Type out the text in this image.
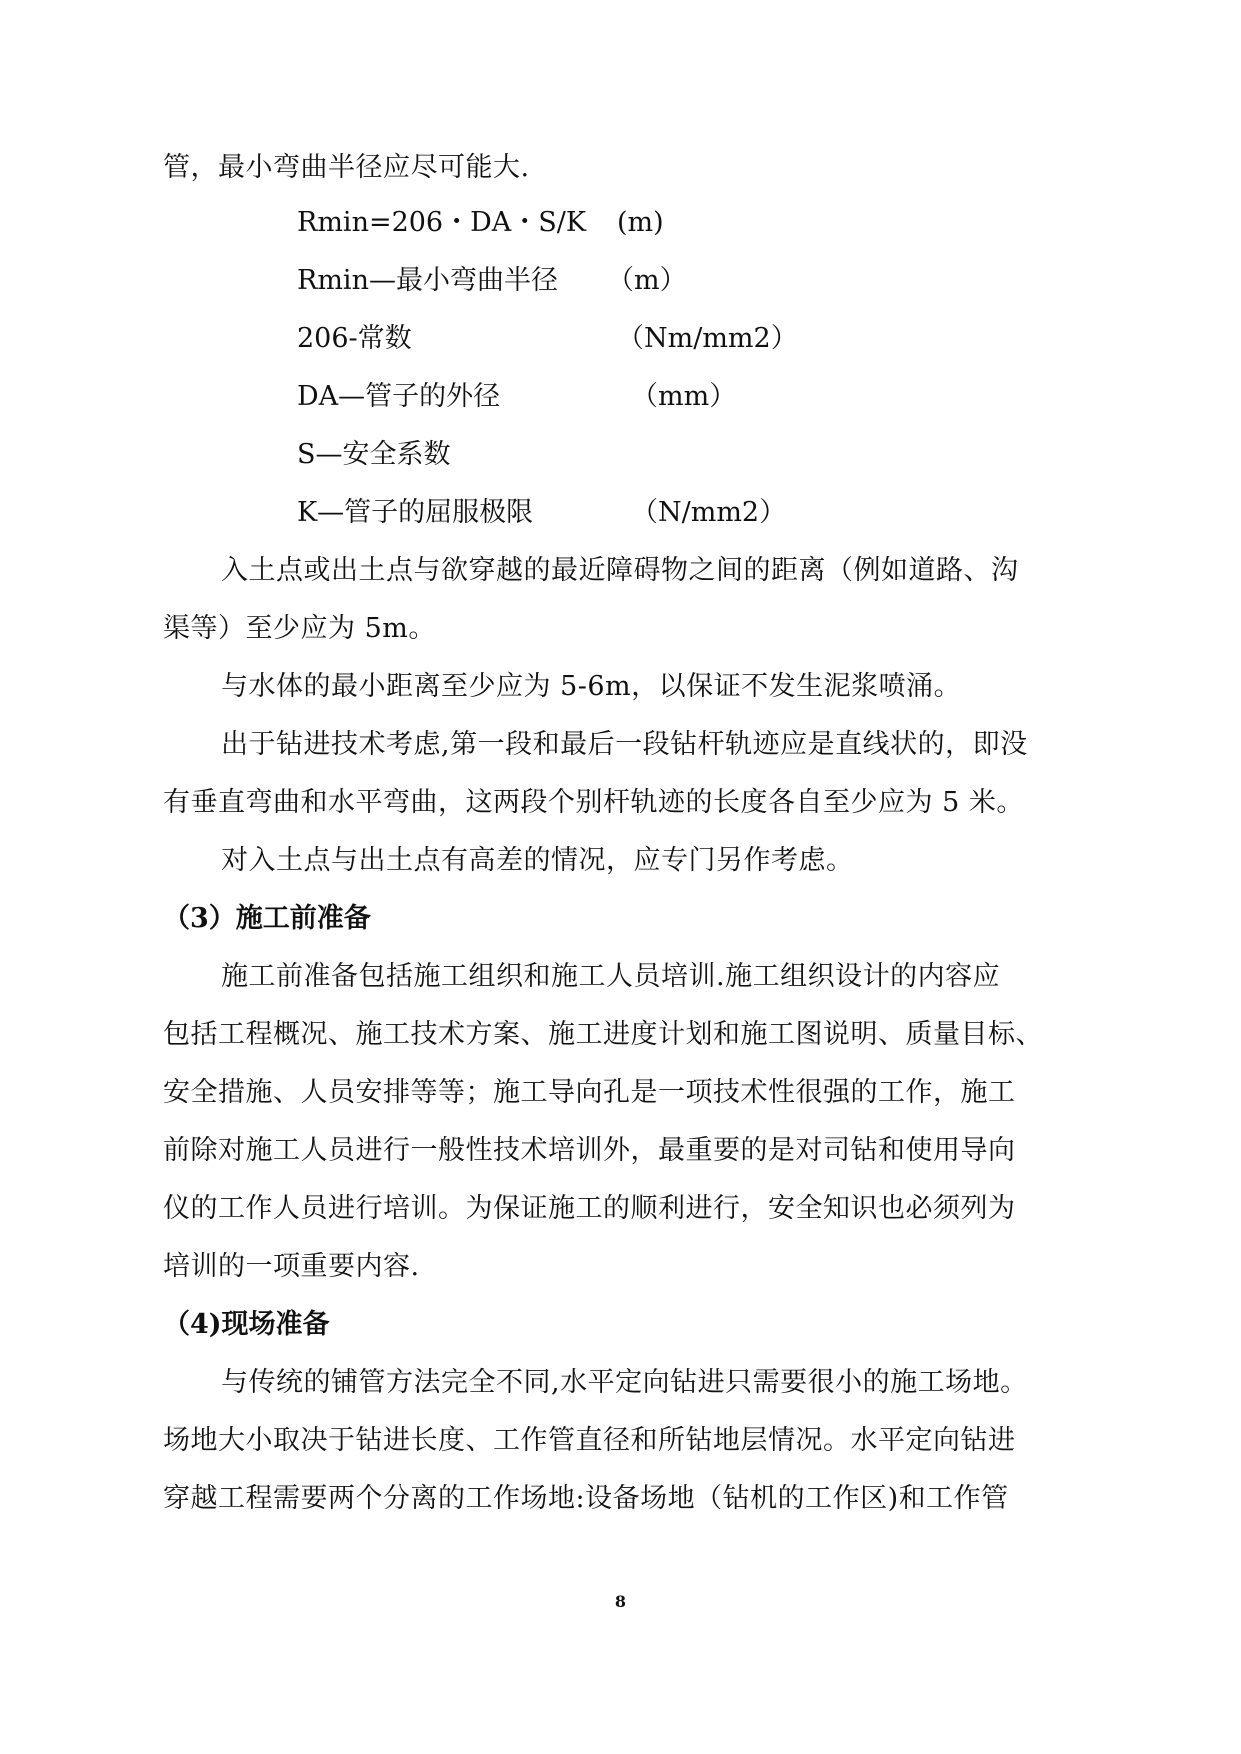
管，最小弯曲半径应尽可能大.
Rmin=206・DA・S/K (m)
Rmin—最小弯曲半径 （m）
206-常数	（Nm/mm2）
DA—管子的外径	（mm）
S—安全系数
K—管子的屈服极限	（N/mm2）
入土点或出土点与欲穿越的最近障碍物之间的距离（例如道路、沟
渠等）至少应为 5m。
与水体的最小距离至少应为 5-6m，以保证不发生泥浆喷涌。
出于钻进技术考虑,第一段和最后一段钻杆轨迹应是直线状的，即没
有垂直弯曲和水平弯曲，这两段个别杆轨迹的长度各自至少应为 5 米。
对入土点与出土点有高差的情况，应专门另作考虑。
（3）施工前准备
施工前准备包括施工组织和施工人员培训.施工组织设计的内容应
包括工程概况、施工技术方案、施工进度计划和施工图说明、质量目标、
安全措施、人员安排等等；施工导向孔是一项技术性很强的工作，施工
前除对施工人员进行一般性技术培训外，最重要的是对司钻和使用导向
仪的工作人员进行培训。为保证施工的顺利进行，安全知识也必须列为
培训的一项重要内容.
（4)现场准备
与传统的铺管方法完全不同,水平定向钻进只需要很小的施工场地。
场地大小取决于钻进长度、工作管直径和所钻地层情况。水平定向钻进
穿越工程需要两个分离的工作场地:设备场地（钻机的工作区)和工作管
8
